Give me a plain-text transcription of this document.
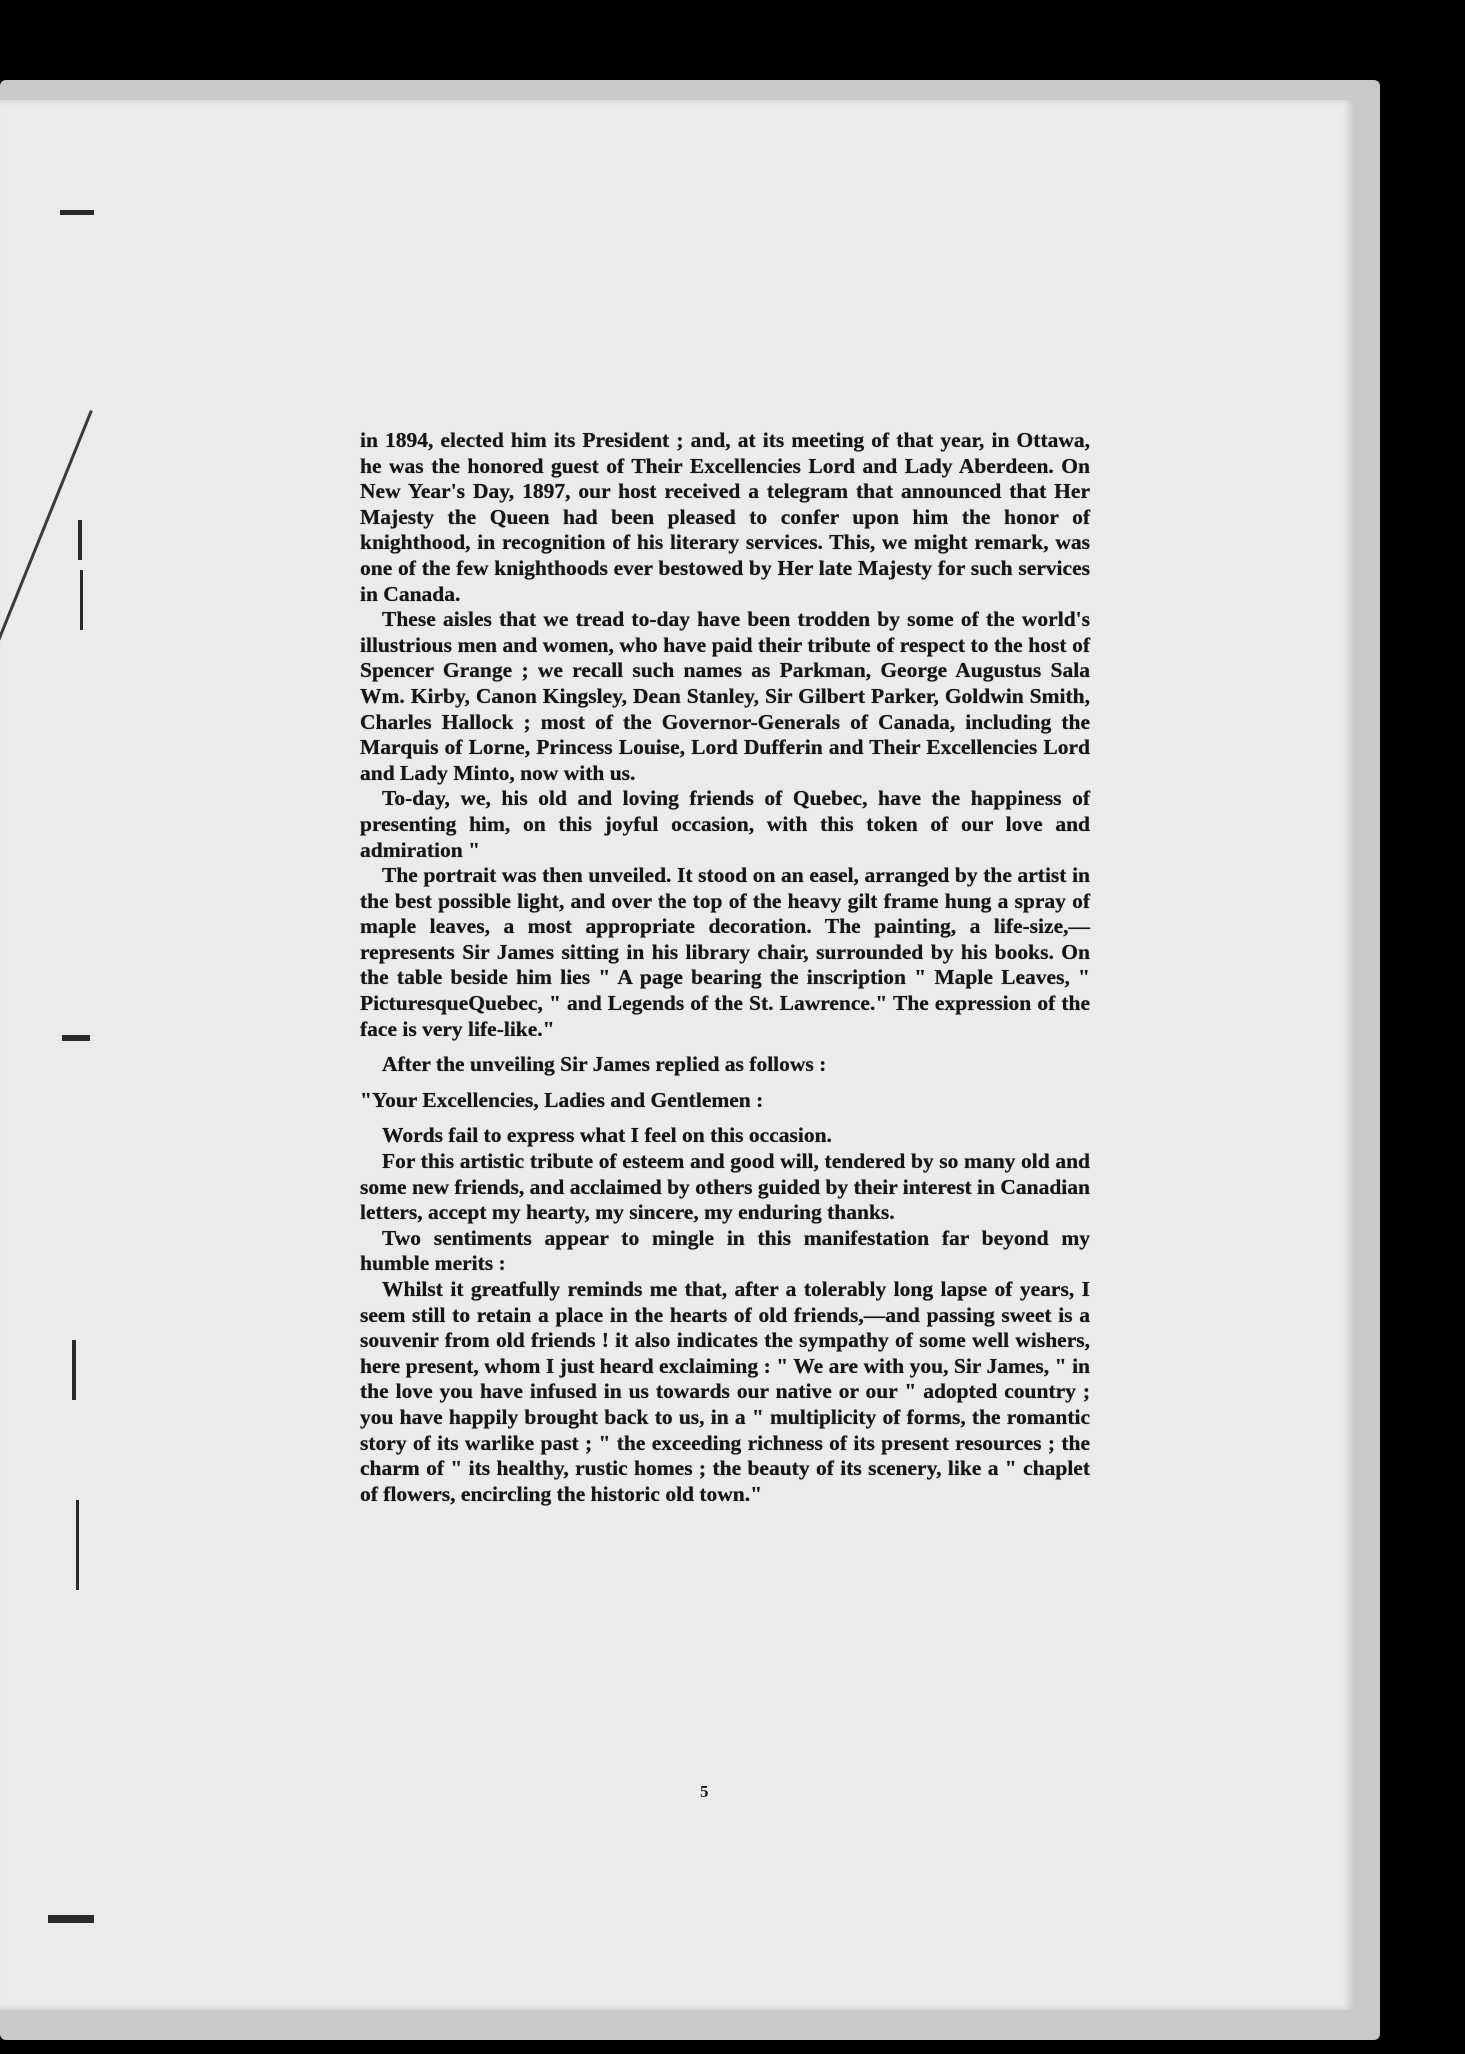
in 1894, elected him its President ; and, at its meeting of that year, in Ottawa, he was the honored guest of Their Excellencies Lord and Lady Aberdeen. On New Year's Day, 1897, our host received a telegram that announced that Her Majesty the Queen had been pleased to confer upon him the honor of knighthood, in recognition of his literary services. This, we might remark, was one of the few knighthoods ever bestowed by Her late Majesty for such services in Canada.

These aisles that we tread to-day have been trodden by some of the world's illustrious men and women, who have paid their tribute of respect to the host of Spencer Grange ; we recall such names as Parkman, George Augustus Sala Wm. Kirby, Canon Kingsley, Dean Stanley, Sir Gilbert Parker, Goldwin Smith, Charles Hallock ; most of the Governor-Generals of Canada, including the Marquis of Lorne, Princess Louise, Lord Dufferin and Their Excellencies Lord and Lady Minto, now with us.

To-day, we, his old and loving friends of Quebec, have the happiness of presenting him, on this joyful occasion, with this token of our love and admiration "

The portrait was then unveiled. It stood on an easel, arranged by the artist in the best possible light, and over the top of the heavy gilt frame hung a spray of maple leaves, a most appropriate decoration. The painting, a life-size,—represents Sir James sitting in his library chair, surrounded by his books. On the table beside him lies " A page bearing the inscription " Maple Leaves, " PicturesqueQuebec, " and Legends of the St. Lawrence." The expression of the face is very life-like."

After the unveiling Sir James replied as follows :

"Your Excellencies, Ladies and Gentlemen :

Words fail to express what I feel on this occasion.

For this artistic tribute of esteem and good will, tendered by so many old and some new friends, and acclaimed by others guided by their interest in Canadian letters, accept my hearty, my sincere, my enduring thanks.

Two sentiments appear to mingle in this manifestation far beyond my humble merits :

Whilst it greatfully reminds me that, after a tolerably long lapse of years, I seem still to retain a place in the hearts of old friends,—and passing sweet is a souvenir from old friends ! it also indicates the sympathy of some well wishers, here present, whom I just heard exclaiming : " We are with you, Sir James, " in the love you have infused in us towards our native or our " adopted country ; you have happily brought back to us, in a " multiplicity of forms, the romantic story of its warlike past ; " the exceeding richness of its present resources ; the charm of " its healthy, rustic homes ; the beauty of its scenery, like a " chaplet of flowers, encircling the historic old town."

5
